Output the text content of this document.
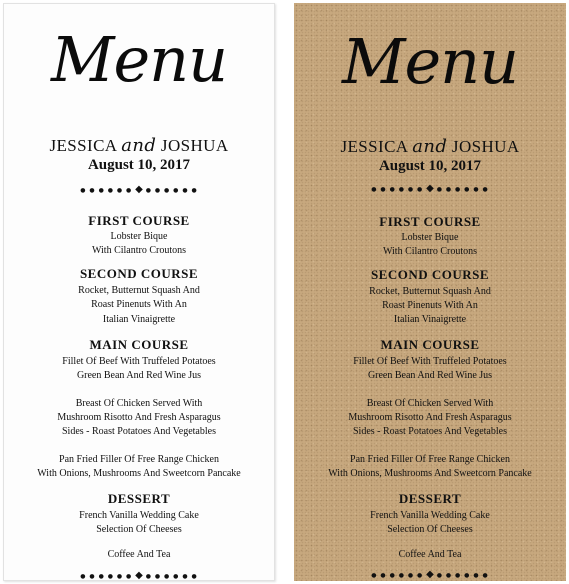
Menu
JESSICA and JOSHUA
August 10, 2017
● ● ● ● ● ● ◆ ● ● ● ● ● ●
FIRST COURSE
Lobster Bique
With Cilantro Croutons
SECOND COURSE
Rocket, Butternut Squash And
Roast Pinenuts With An
Italian Vinaigrette
MAIN COURSE
Fillet Of Beef With Truffeled Potatoes
Green Bean And Red Wine Jus
Breast Of Chicken Served With
Mushroom Risotto And Fresh Asparagus
Sides - Roast Potatoes And Vegetables
Pan Fried Filler Of Free Range Chicken
With Onions, Mushrooms And Sweetcorn Pancake
DESSERT
French Vanilla Wedding Cake
Selection Of Cheeses
Coffee And Tea
● ● ● ● ● ● ◆ ● ● ● ● ● ●
Menu
JESSICA and JOSHUA
August 10, 2017
● ● ● ● ● ● ◆ ● ● ● ● ● ●
FIRST COURSE
Lobster Bique
With Cilantro Croutons
SECOND COURSE
Rocket, Butternut Squash And
Roast Pinenuts With An
Italian Vinaigrette
MAIN COURSE
Fillet Of Beef With Truffeled Potatoes
Green Bean And Red Wine Jus
Breast Of Chicken Served With
Mushroom Risotto And Fresh Asparagus
Sides - Roast Potatoes And Vegetables
Pan Fried Filler Of Free Range Chicken
With Onions, Mushrooms And Sweetcorn Pancake
DESSERT
French Vanilla Wedding Cake
Selection Of Cheeses
Coffee And Tea
● ● ● ● ● ● ◆ ● ● ● ● ● ●
